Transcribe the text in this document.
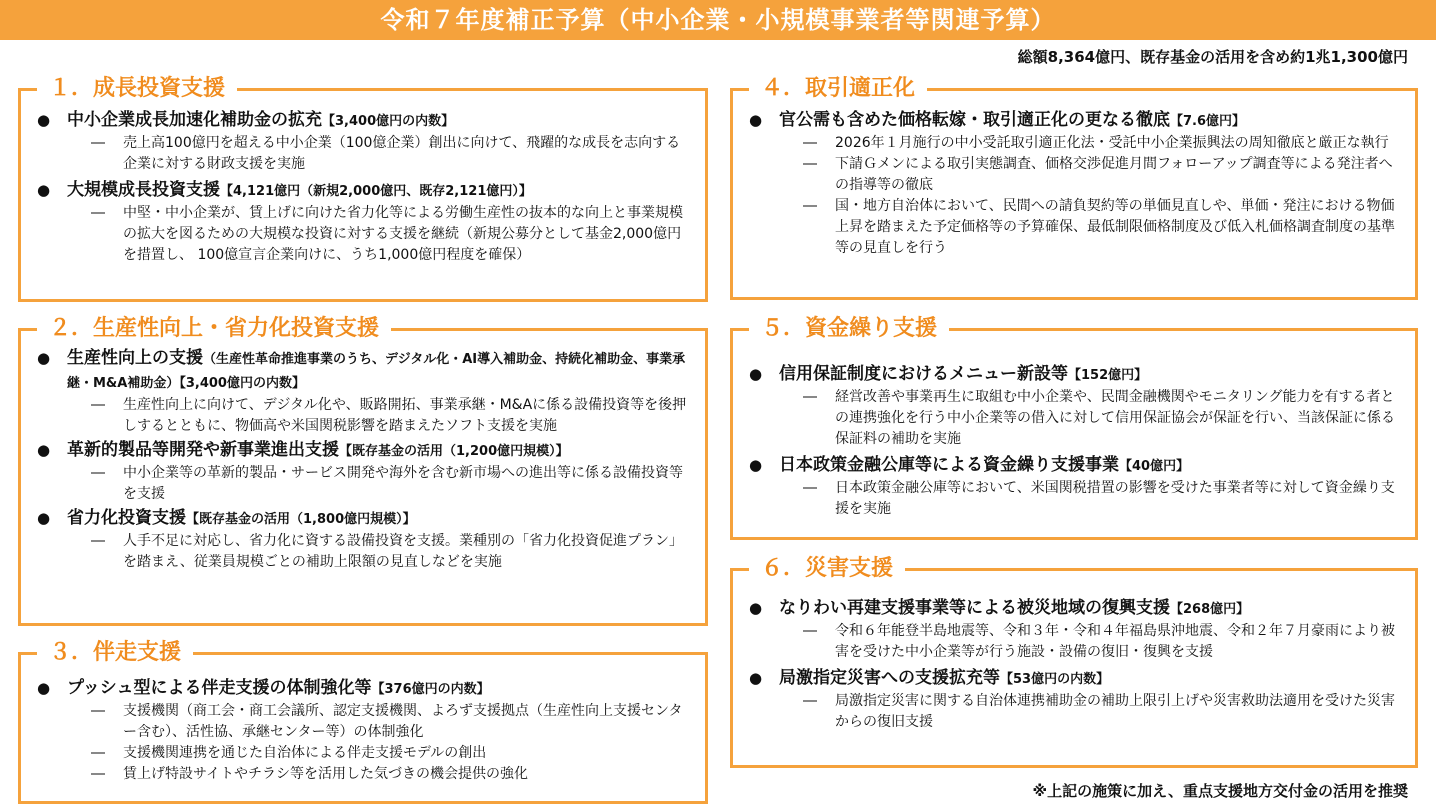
令和７年度補正予算（中小企業・小規模事業者等関連予算）
総額8,364億円、既存基金の活用を含め約1兆1,300億円
１．成長投資支援
● 中小企業成長加速化補助金の拡充【3,400億円の内数】
―	売上高100億円を超える中小企業（100億企業）創出に向けて、飛躍的な成長を志向する企業に対する財政支援を実施
● 大規模成長投資支援【4,121億円（新規2,000億円、既存2,121億円）】
―	中堅・中小企業が、賃上げに向けた省力化等による労働生産性の抜本的な向上と事業規模の拡大を図るための大規模な投資に対する支援を継続（新規公募分として基金2,000億円を措置し、 100億宣言企業向けに、うち1,000億円程度を確保）
２．生産性向上・省力化投資支援
● 生産性向上の支援（生産性革命推進事業のうち、デジタル化・AI導入補助金、持続化補助金、事業承継・M&A補助金）【3,400億円の内数】
―	生産性向上に向けて、デジタル化や、販路開拓、事業承継・M&Aに係る設備投資等を後押しするとともに、物価高や米国関税影響を踏まえたソフト支援を実施
● 革新的製品等開発や新事業進出支援【既存基金の活用（1,200億円規模）】
―	中小企業等の革新的製品・サービス開発や海外を含む新市場への進出等に係る設備投資等を支援
● 省力化投資支援【既存基金の活用（1,800億円規模）】
―	人手不足に対応し、省力化に資する設備投資を支援。業種別の「省力化投資促進プラン」を踏まえ、従業員規模ごとの補助上限額の見直しなどを実施
３．伴走支援
● プッシュ型による伴走支援の体制強化等【376億円の内数】
―	支援機関（商工会・商工会議所、認定支援機関、よろず支援拠点（生産性向上支援センター含む）、活性協、承継センター等）の体制強化
―	支援機関連携を通じた自治体による伴走支援モデルの創出
―	賃上げ特設サイトやチラシ等を活用した気づきの機会提供の強化
４．取引適正化
● 官公需も含めた価格転嫁・取引適正化の更なる徹底【7.6億円】
―	2026年１月施行の中小受託取引適正化法・受託中小企業振興法の周知徹底と厳正な執行
―	下請Ｇメンによる取引実態調査、価格交渉促進月間フォローアップ調査等による発注者への指導等の徹底
―	国・地方自治体において、民間への請負契約等の単価見直しや、単価・発注における物価上昇を踏まえた予定価格等の予算確保、最低制限価格制度及び低入札価格調査制度の基準等の見直しを行う
５．資金繰り支援
● 信用保証制度におけるメニュー新設等【152億円】
―	経営改善や事業再生に取組む中小企業や、民間金融機関やモニタリング能力を有する者との連携強化を行う中小企業等の借入に対して信用保証協会が保証を行い、当該保証に係る保証料の補助を実施
● 日本政策金融公庫等による資金繰り支援事業【40億円】
―	日本政策金融公庫等において、米国関税措置の影響を受けた事業者等に対して資金繰り支援を実施
６．災害支援
● なりわい再建支援事業等による被災地域の復興支援【268億円】
―	令和６年能登半島地震等、令和３年・令和４年福島県沖地震、令和２年７月豪雨により被害を受けた中小企業等が行う施設・設備の復旧・復興を支援
● 局激指定災害への支援拡充等【53億円の内数】
―	局激指定災害に関する自治体連携補助金の補助上限引上げや災害救助法適用を受けた災害からの復旧支援
※上記の施策に加え、重点支援地方交付金の活用を推奨
